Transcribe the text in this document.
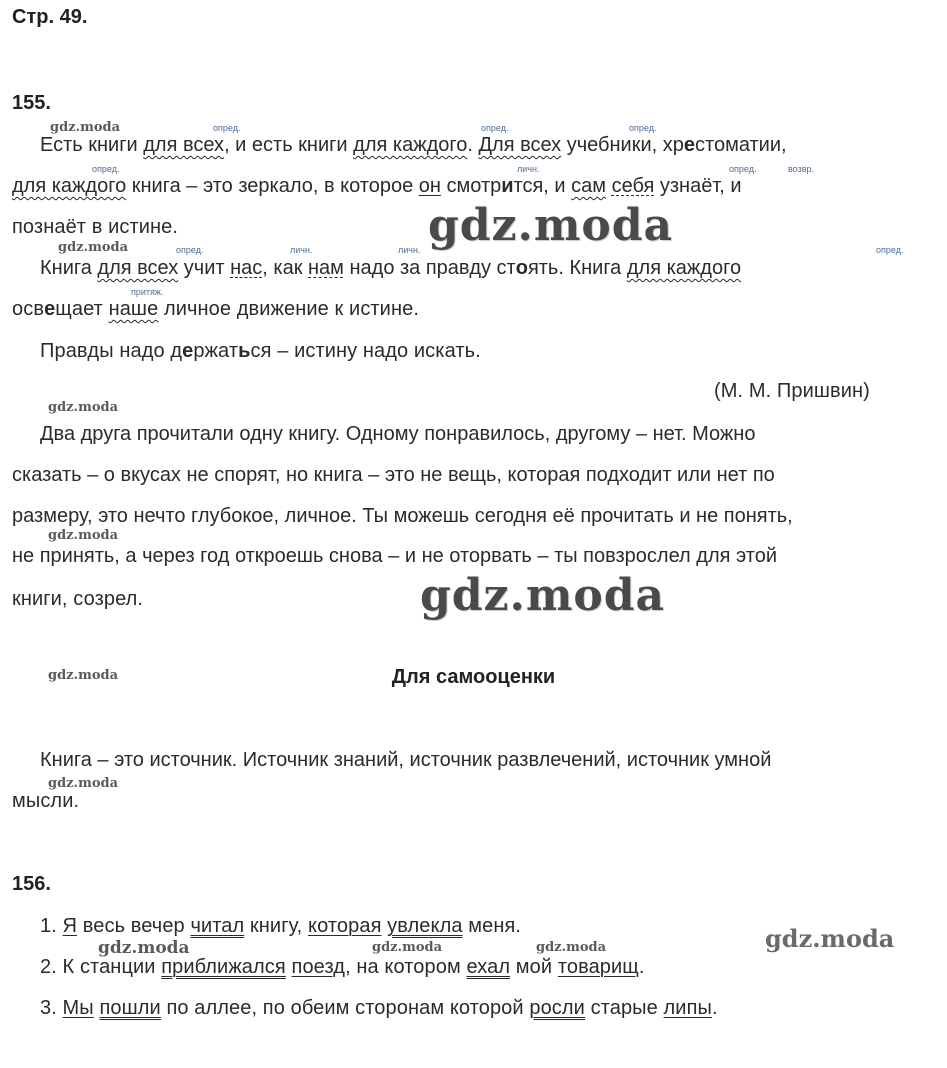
Стр. 49.
155.
опред.	опред.	опред.
Есть книги для всех, и есть книги для каждого. Для всех учебники, хрестоматии,
опред.	личн.	опред.	возвр.
для каждого книга – это зеркало, в которое он смотрится, и сам себя узнаёт, и
познаёт в истине.
опред.	личн.	личн.	опред.
Книга для всех учит нас, как нам надо за правду стоять. Книга для каждого
притяж.
освещает наше личное движение к истине.
Правды надо держаться – истину надо искать.
(М. М. Пришвин)
Два друга прочитали одну книгу. Одному понравилось, другому – нет. Можно
сказать – о вкусах не спорят, но книга – это не вещь, которая подходит или нет по
размеру, это нечто глубокое, личное. Ты можешь сегодня её прочитать и не понять,
не принять, а через год откроешь снова – и не оторвать – ты повзрослел для этой
книги, созрел.
Для самооценки
Книга – это источник. Источник знаний, источник развлечений, источник умной
мысли.
156.
1. Я весь вечер читал книгу, которая увлекла меня.
2. К станции приближался поезд, на котором ехал мой товарищ.
3. Мы пошли по аллее, по обеим сторонам которой росли старые липы.
gdz.moda
gdz.moda
gdz.moda
gdz.moda
gdz.moda
gdz.moda
gdz.moda
gdz.moda
gdz.moda
gdz.moda	gdz.moda	gdz.moda
